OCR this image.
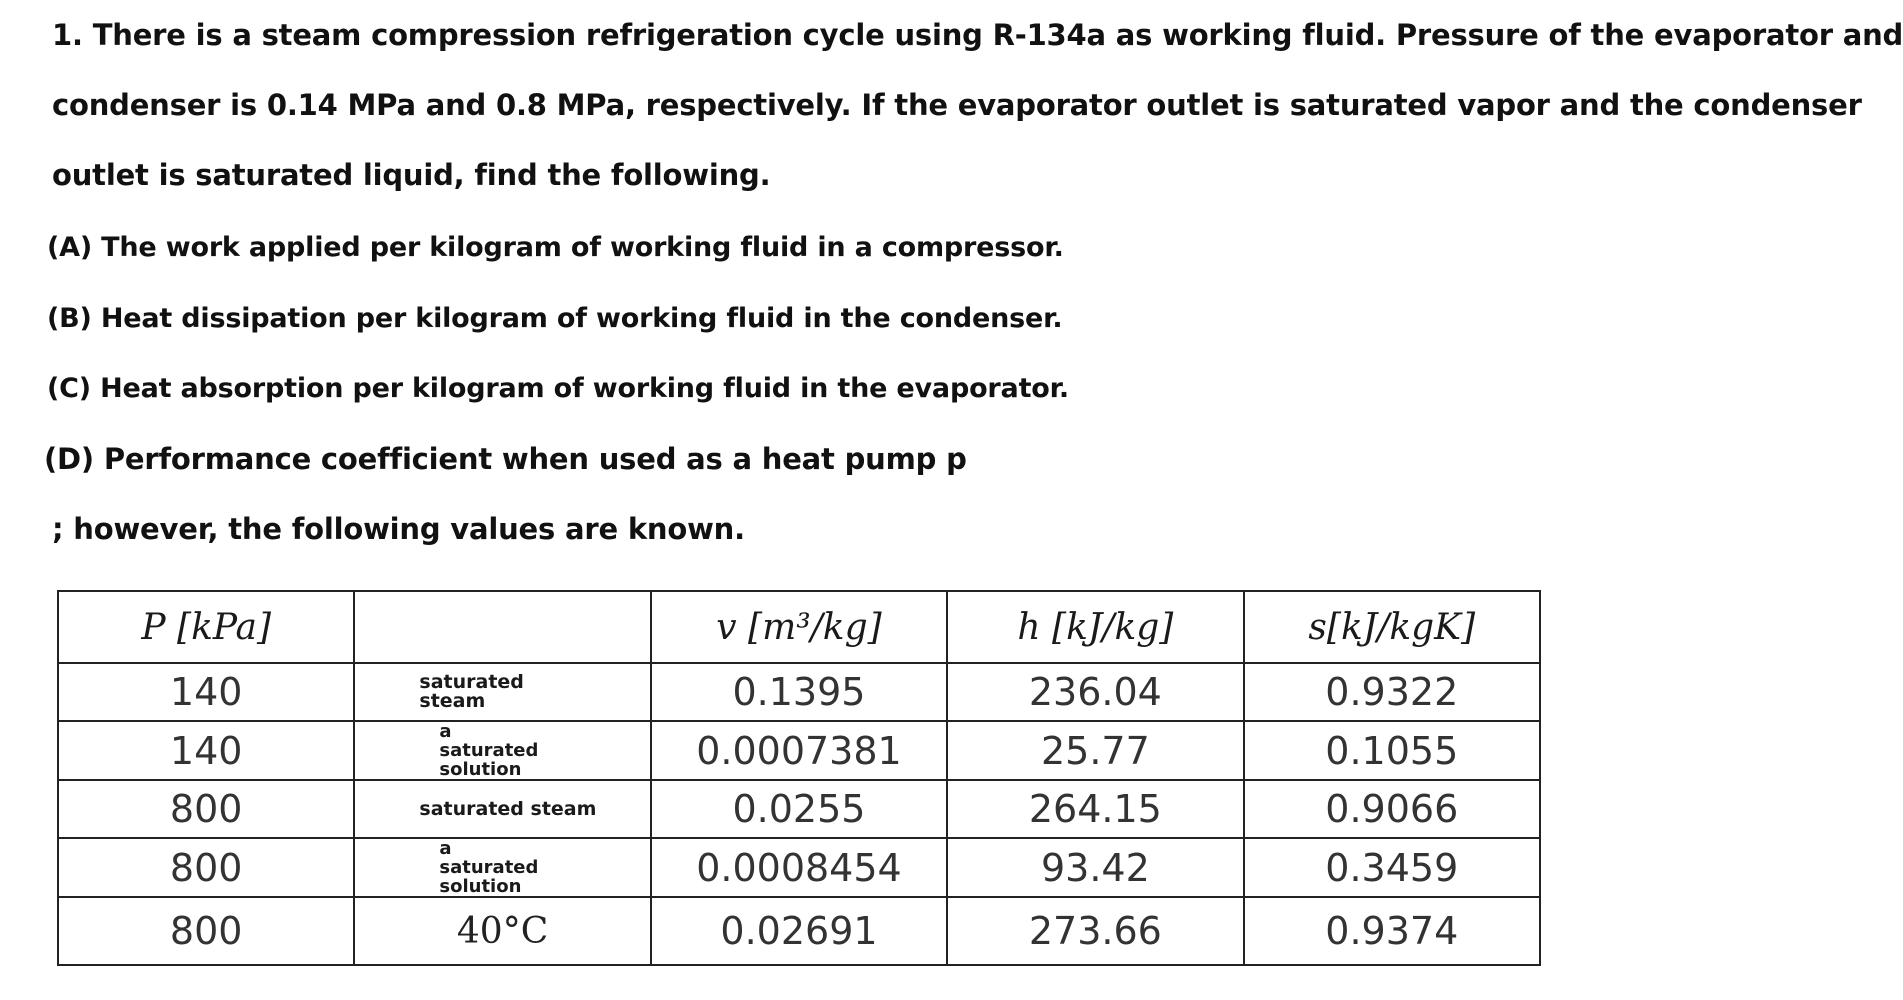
1. There is a steam compression refrigeration cycle using R-134a as working fluid. Pressure of the evaporator and
condenser is 0.14 MPa and 0.8 MPa, respectively. If the evaporator outlet is saturated vapor and the condenser
outlet is saturated liquid, find the following.
(A) The work applied per kilogram of working fluid in a compressor.
(B) Heat dissipation per kilogram of working fluid in the condenser.
(C) Heat absorption per kilogram of working fluid in the evaporator.
(D) Performance coefficient when used as a heat pump p
; however, the following values are known.
P [kPa]		v [m³/kg]	h [kJ/kg]	s[kJ/kgK]
140	saturated steam	0.1395	236.04	0.9322
140	a saturated solution	0.0007381	25.77	0.1055
800	saturated steam	0.0255	264.15	0.9066
800	a saturated solution	0.0008454	93.42	0.3459
800	40°C	0.02691	273.66	0.9374
